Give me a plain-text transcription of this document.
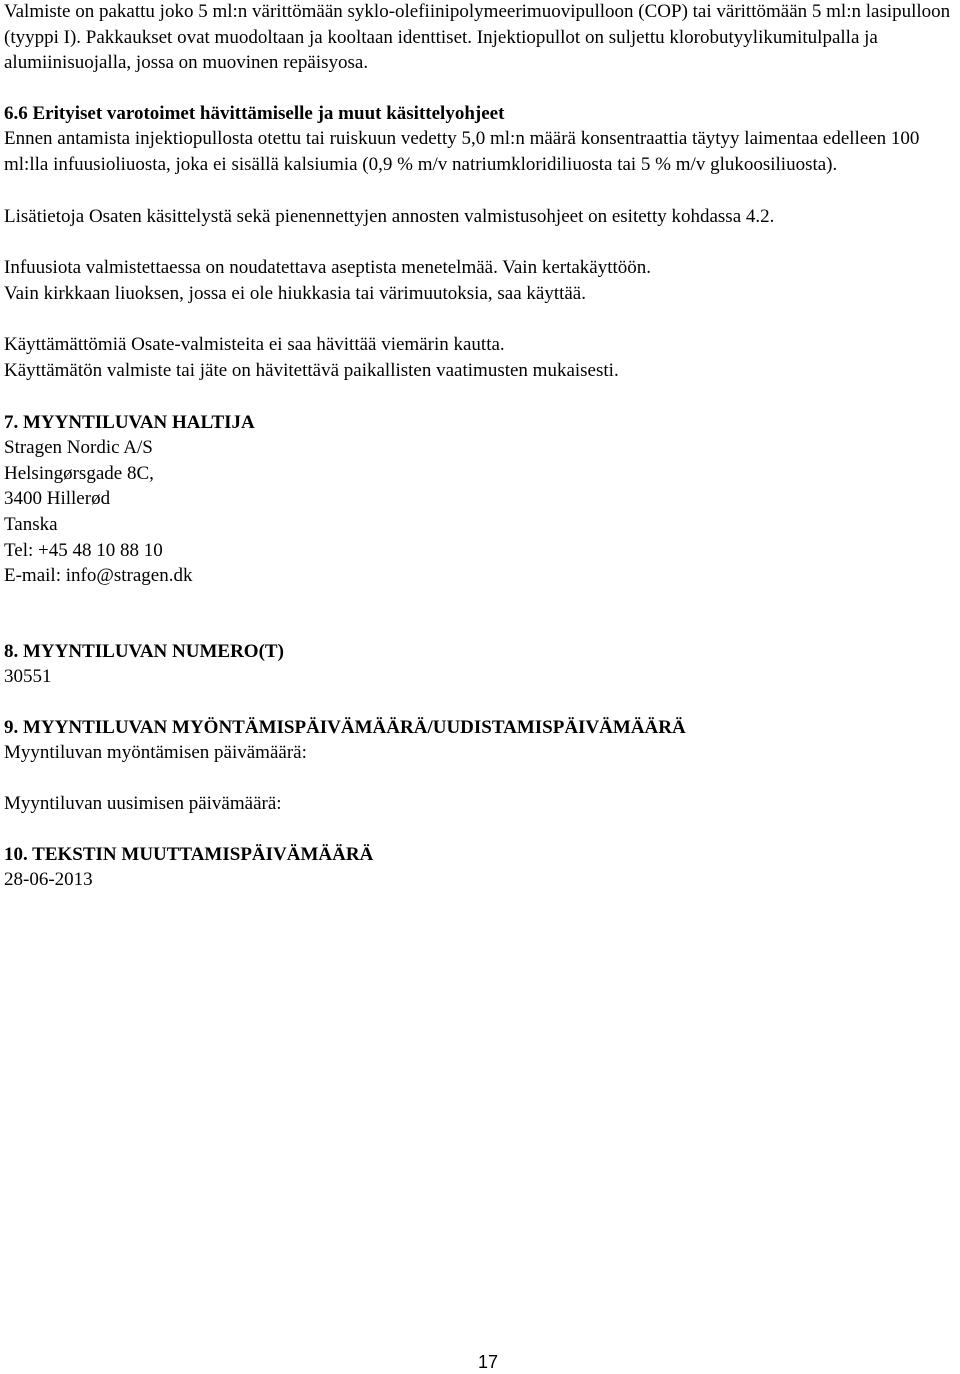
Valmiste on pakattu joko 5 ml:n värittömään syklo-olefiinipolymeerimuovipulloon (COP) tai värittömään 5 ml:n lasipulloon (tyyppi I). Pakkaukset ovat muodoltaan ja kooltaan identtiset. Injektiopullot on suljettu klorobutyylikumitulpalla ja alumiinisuojalla, jossa on muovinen repäisyosa.

6.6 Erityiset varotoimet hävittämiselle ja muut käsittelyohjeet

Ennen antamista injektiopullosta otettu tai ruiskuun vedetty 5,0 ml:n määrä konsentraattia täytyy laimentaa edelleen 100 ml:lla infuusioliuosta, joka ei sisällä kalsiumia (0,9 % m/v natriumkloridiliuosta tai 5 % m/v glukoosiliuosta).

Lisätietoja Osaten käsittelystä sekä pienennettyjen annosten valmistusohjeet on esitetty kohdassa 4.2.

Infuusiota valmistettaessa on noudatettava aseptista menetelmää. Vain kertakäyttöön.

Vain kirkkaan liuoksen, jossa ei ole hiukkasia tai värimuutoksia, saa käyttää.

Käyttämättömiä Osate-valmisteita ei saa hävittää viemärin kautta.

Käyttämätön valmiste tai jäte on hävitettävä paikallisten vaatimusten mukaisesti.

7. MYYNTILUVAN HALTIJA

Stragen Nordic A/S

Helsingørsgade 8C,

3400 Hillerød

Tanska

Tel: +45 48 10 88 10

E-mail: info@stragen.dk

8. MYYNTILUVAN NUMERO(T)

30551

9. MYYNTILUVAN MYÖNTÄMISPÄIVÄMÄÄRÄ/UUDISTAMISPÄIVÄMÄÄRÄ

Myyntiluvan myöntämisen päivämäärä:

Myyntiluvan uusimisen päivämäärä:

10. TEKSTIN MUUTTAMISPÄIVÄMÄÄRÄ

28-06-2013

17
